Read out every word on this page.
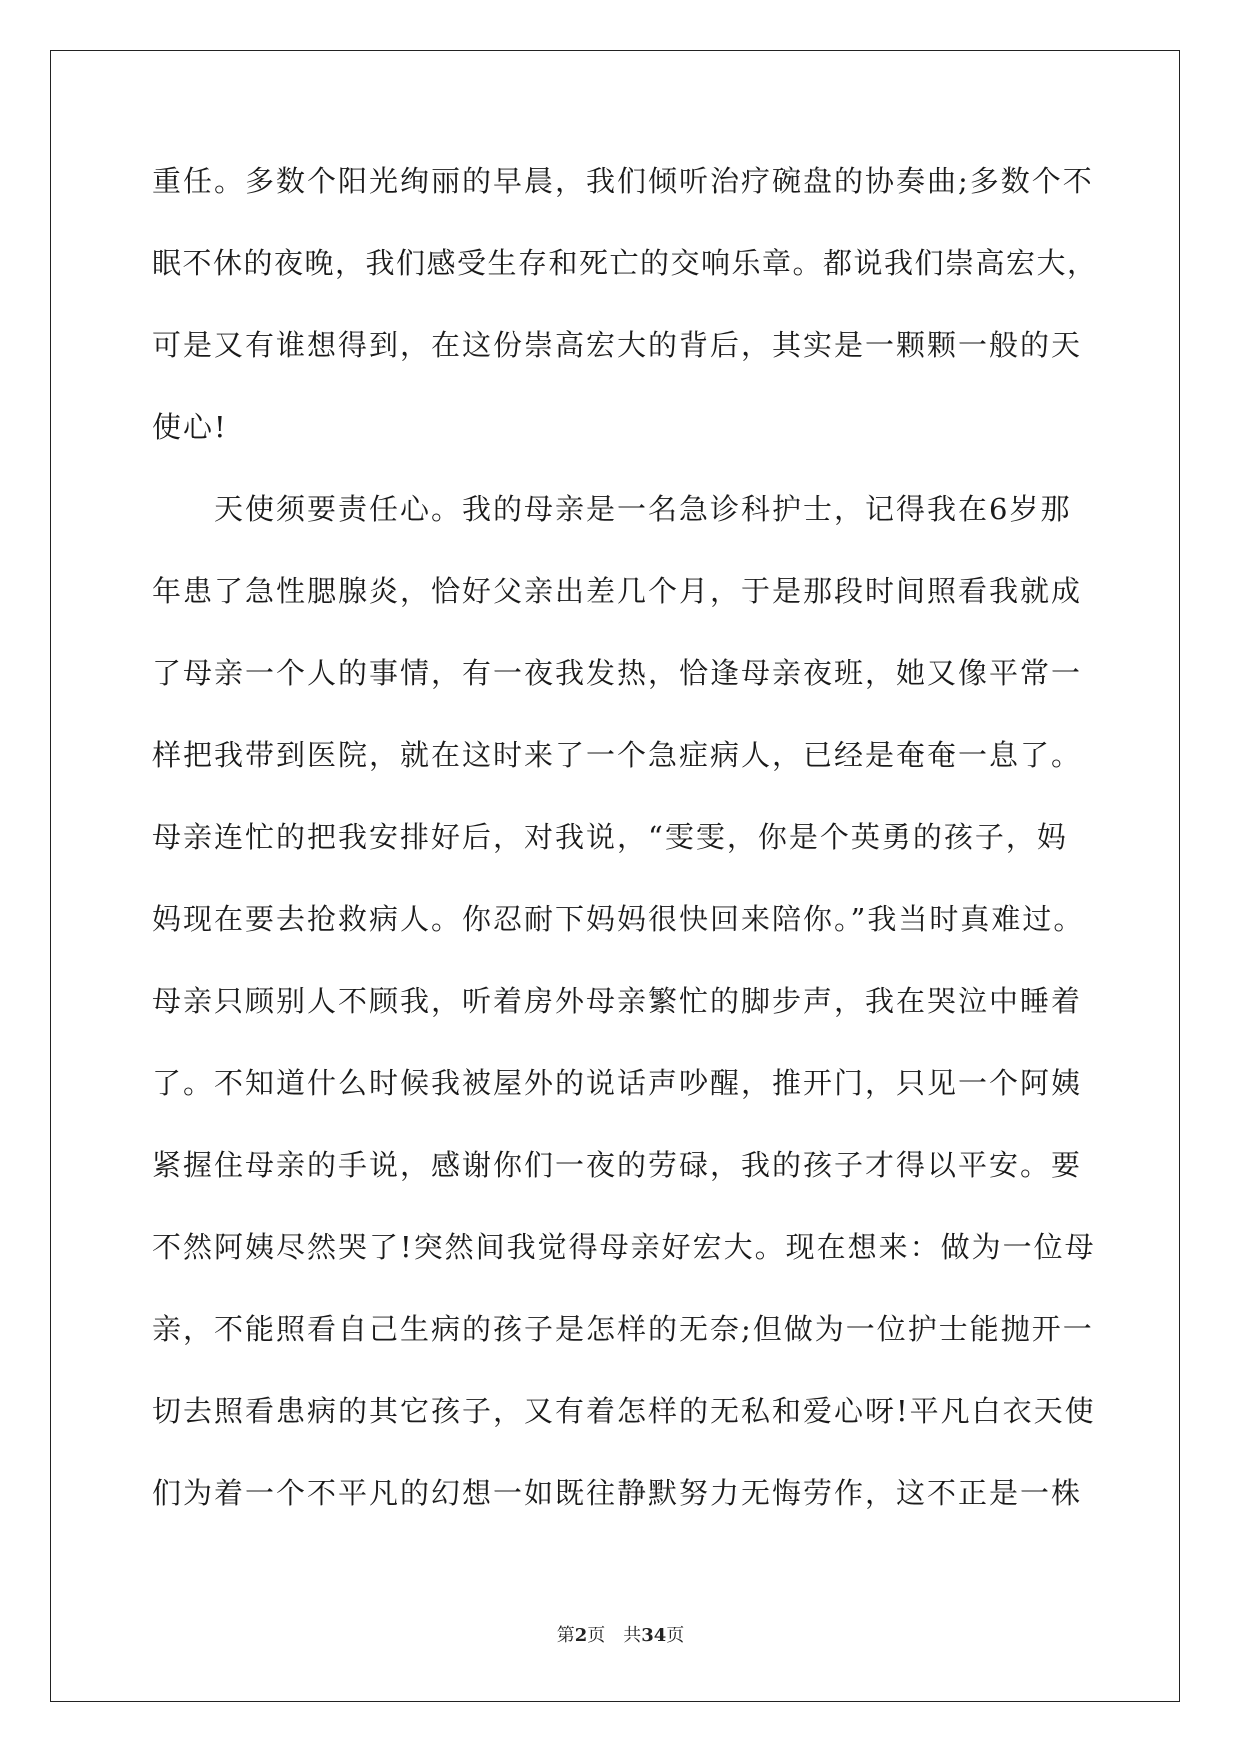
重任。多数个阳光绚丽的早晨，我们倾听治疗碗盘的协奏曲;多数个不
眠不休的夜晚，我们感受生存和死亡的交响乐章。都说我们崇高宏大，
可是又有谁想得到，在这份崇高宏大的背后，其实是一颗颗一般的天
使心!
　　天使须要责任心。我的母亲是一名急诊科护士，记得我在6岁那
年患了急性腮腺炎，恰好父亲出差几个月，于是那段时间照看我就成
了母亲一个人的事情，有一夜我发热，恰逢母亲夜班，她又像平常一
样把我带到医院，就在这时来了一个急症病人，已经是奄奄一息了。
母亲连忙的把我安排好后，对我说，“雯雯，你是个英勇的孩子，妈
妈现在要去抢救病人。你忍耐下妈妈很快回来陪你。”我当时真难过。
母亲只顾别人不顾我，听着房外母亲繁忙的脚步声，我在哭泣中睡着
了。不知道什么时候我被屋外的说话声吵醒，推开门，只见一个阿姨
紧握住母亲的手说，感谢你们一夜的劳碌，我的孩子才得以平安。要
不然阿姨尽然哭了!突然间我觉得母亲好宏大。现在想来：做为一位母
亲，不能照看自己生病的孩子是怎样的无奈;但做为一位护士能抛开一
切去照看患病的其它孩子，又有着怎样的无私和爱心呀!平凡白衣天使
们为着一个不平凡的幻想一如既往静默努力无悔劳作，这不正是一株
第2页 共34页
